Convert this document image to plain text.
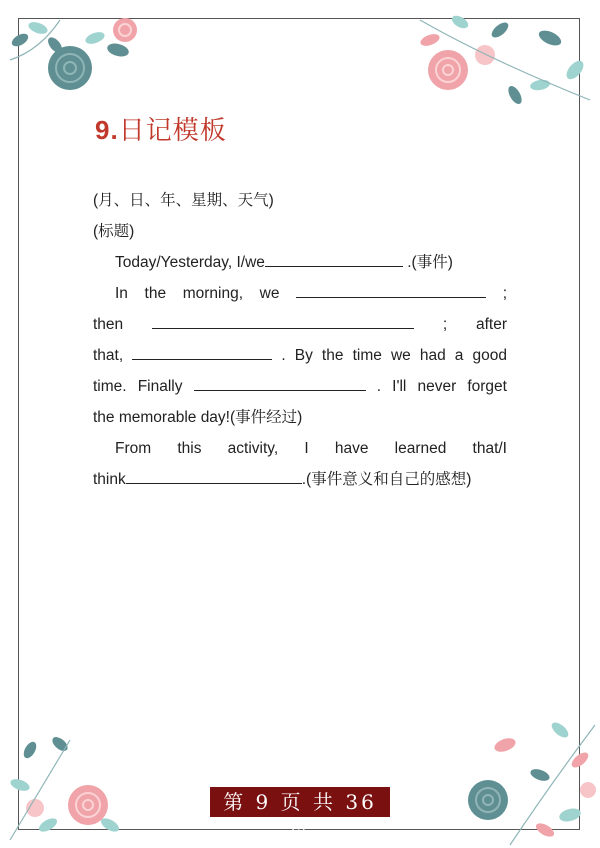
9.日记模板
(月、日、年、星期、天气)
(标题)
Today/Yesterday, I/we	.(事件)
In the morning, we	;
then	; after
that,	. By the time we had a good
time. Finally	. I'll never forget
the memorable day!(事件经过)
From this activity, I have learned that/I
think	.(事件意义和自己的感想)
第 9 页 共 36 页
